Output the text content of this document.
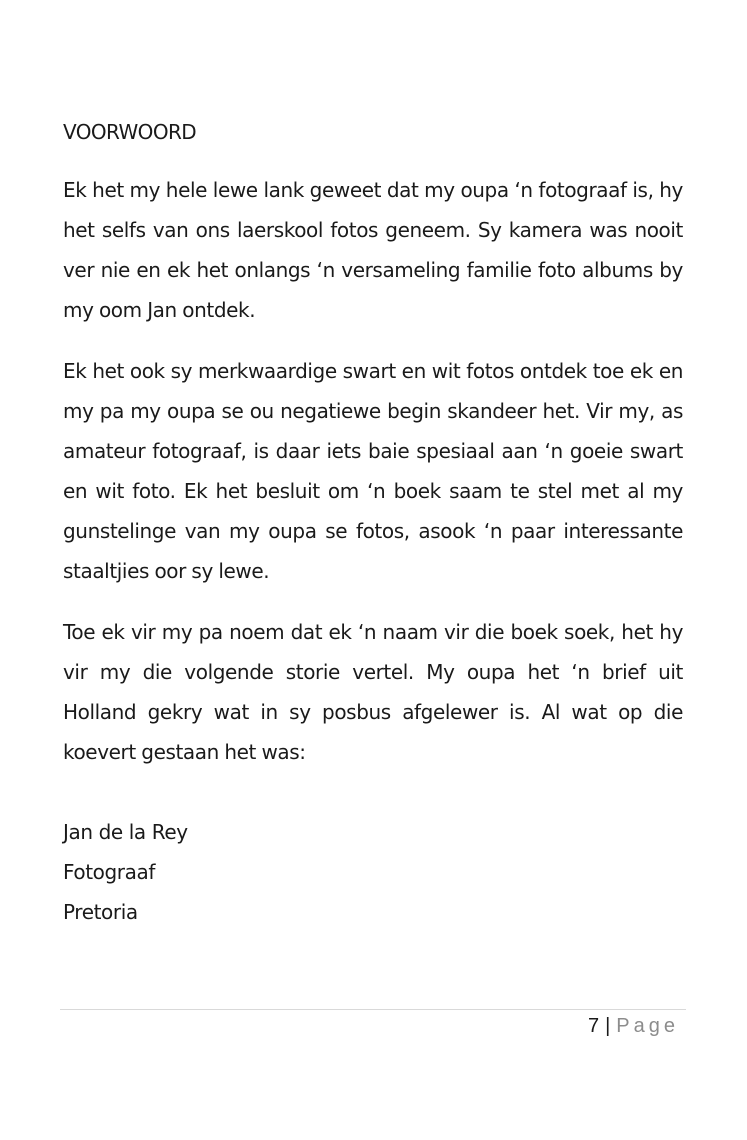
VOORWOORD

Ek het my hele lewe lank geweet dat my oupa ‘n fotograaf is, hy het selfs van ons laerskool fotos geneem. Sy kamera was nooit ver nie en ek het onlangs ‘n versameling familie foto albums by my oom Jan ontdek.

Ek het ook sy merkwaardige swart en wit fotos ontdek toe ek en my pa my oupa se ou negatiewe begin skandeer het. Vir my, as amateur fotograaf, is daar iets baie spesiaal aan ‘n goeie swart en wit foto. Ek het besluit om ‘n boek saam te stel met al my gunstelinge van my oupa se fotos, asook ‘n paar interessante staaltjies oor sy lewe.

Toe ek vir my pa noem dat ek ‘n naam vir die boek soek, het hy vir my die volgende storie vertel. My oupa het ‘n brief uit Holland gekry wat in sy posbus afgelewer is. Al wat op die koevert gestaan het was:

Jan de la Rey
Fotograaf
Pretoria
7 | Page
